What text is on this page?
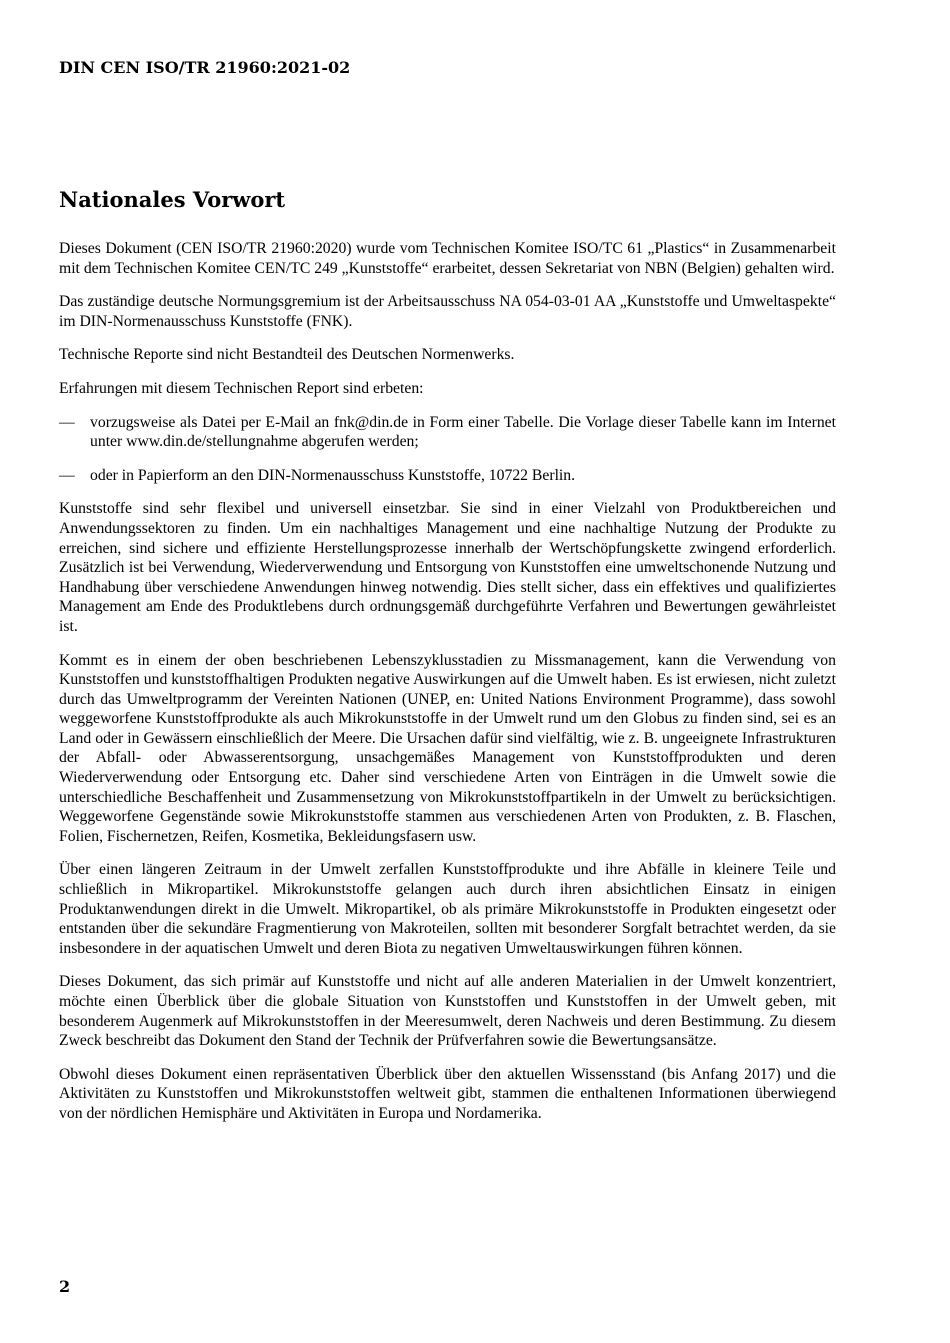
DIN CEN ISO/TR 21960:2021-02
Nationales Vorwort

Dieses Dokument (CEN ISO/TR 21960:2020) wurde vom Technischen Komitee ISO/TC 61 „Plastics“ in Zusammenarbeit mit dem Technischen Komitee CEN/TC 249 „Kunststoffe“ erarbeitet, dessen Sekretariat von NBN (Belgien) gehalten wird.

Das zuständige deutsche Normungsgremium ist der Arbeitsausschuss NA 054-03-01 AA „Kunststoffe und Umweltaspekte“ im DIN-Normenausschuss Kunststoffe (FNK).

Technische Reporte sind nicht Bestandteil des Deutschen Normenwerks.

Erfahrungen mit diesem Technischen Report sind erbeten:

— vorzugsweise als Datei per E-Mail an fnk@din.de in Form einer Tabelle. Die Vorlage dieser Tabelle kann im Internet unter www.din.de/stellungnahme abgerufen werden;
— oder in Papierform an den DIN-Normenausschuss Kunststoffe, 10722 Berlin.

Kunststoffe sind sehr flexibel und universell einsetzbar. Sie sind in einer Vielzahl von Produktbereichen und Anwendungssektoren zu finden. Um ein nachhaltiges Management und eine nachhaltige Nutzung der Produkte zu erreichen, sind sichere und effiziente Herstellungsprozesse innerhalb der Wertschöpfungskette zwingend erforderlich. Zusätzlich ist bei Verwendung, Wiederverwendung und Entsorgung von Kunststoffen eine umweltschonende Nutzung und Handhabung über verschiedene Anwendungen hinweg notwendig. Dies stellt sicher, dass ein effektives und qualifiziertes Management am Ende des Produktlebens durch ordnungsgemäß durchgeführte Verfahren und Bewertungen gewährleistet ist.

Kommt es in einem der oben beschriebenen Lebenszyklusstadien zu Missmanagement, kann die Verwendung von Kunststoffen und kunststoffhaltigen Produkten negative Auswirkungen auf die Umwelt haben. Es ist erwiesen, nicht zuletzt durch das Umweltprogramm der Vereinten Nationen (UNEP, en: United Nations Environment Programme), dass sowohl weggeworfene Kunststoffprodukte als auch Mikrokunststoffe in der Umwelt rund um den Globus zu finden sind, sei es an Land oder in Gewässern einschließlich der Meere. Die Ursachen dafür sind vielfältig, wie z. B. ungeeignete Infrastrukturen der Abfall- oder Abwasserentsorgung, unsachgemäßes Management von Kunststoffprodukten und deren Wiederverwendung oder Entsorgung etc. Daher sind verschiedene Arten von Einträgen in die Umwelt sowie die unterschiedliche Beschaffenheit und Zusammensetzung von Mikrokunststoffpartikeln in der Umwelt zu berücksichtigen. Weggeworfene Gegenstände sowie Mikrokunststoffe stammen aus verschiedenen Arten von Produkten, z. B. Flaschen, Folien, Fischernetzen, Reifen, Kosmetika, Bekleidungsfasern usw.

Über einen längeren Zeitraum in der Umwelt zerfallen Kunststoffprodukte und ihre Abfälle in kleinere Teile und schließlich in Mikropartikel. Mikrokunststoffe gelangen auch durch ihren absichtlichen Einsatz in einigen Produktanwendungen direkt in die Umwelt. Mikropartikel, ob als primäre Mikrokunststoffe in Produkten eingesetzt oder entstanden über die sekundäre Fragmentierung von Makroteilen, sollten mit besonderer Sorgfalt betrachtet werden, da sie insbesondere in der aquatischen Umwelt und deren Biota zu negativen Umweltauswirkungen führen können.

Dieses Dokument, das sich primär auf Kunststoffe und nicht auf alle anderen Materialien in der Umwelt konzentriert, möchte einen Überblick über die globale Situation von Kunststoffen und Kunststoffen in der Umwelt geben, mit besonderem Augenmerk auf Mikrokunststoffen in der Meeresumwelt, deren Nachweis und deren Bestimmung. Zu diesem Zweck beschreibt das Dokument den Stand der Technik der Prüfverfahren sowie die Bewertungsansätze.

Obwohl dieses Dokument einen repräsentativen Überblick über den aktuellen Wissensstand (bis Anfang 2017) und die Aktivitäten zu Kunststoffen und Mikrokunststoffen weltweit gibt, stammen die enthaltenen Informationen überwiegend von der nördlichen Hemisphäre und Aktivitäten in Europa und Nordamerika.

2
